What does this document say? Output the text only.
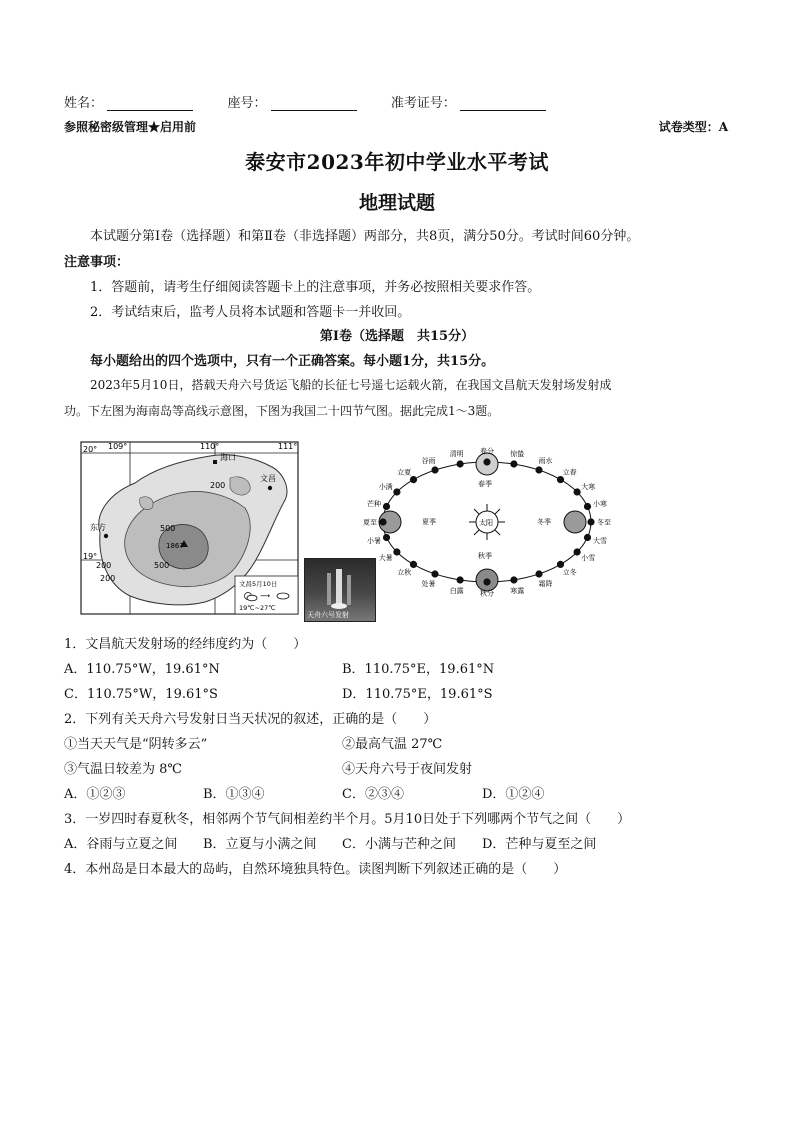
姓名：	座号：	准考证号：
参照秘密级管理★启用前	试卷类型：A
泰安市2023年初中学业水平考试
地理试题
本试题分第Ⅰ卷（选择题）和第Ⅱ卷（非选择题）两部分，共8页，满分50分。考试时间60分钟。
注意事项：
1．答题前，请考生仔细阅读答题卡上的注意事项，并务必按照相关要求作答。
2．考试结束后，监考人员将本试题和答题卡一并收回。
第Ⅰ卷（选择题　共15分）
每小题给出的四个选项中，只有一个正确答案。每小题1分，共15分。
2023年5月10日，搭载天舟六号货运飞船的长征七号遥七运载火箭，在我国文昌航天发射场发射成
功。下左图为海南岛等高线示意图，下图为我国二十四节气图。据此完成1～3题。
109°	110°	111°
20°
19°
海口
文昌
东方
200
200
500
1867
500
200
文昌5月10日
⟶
19℃~27℃
天舟六号发射
太阳
夏季	冬季
春季
秋季
春分
清明
谷雨
立夏
小满
芒种
夏至
小暑
大暑
立秋
处暑
白露 秋分 寒露
霜降
立冬
小雪
大雪
冬至
小寒
大寒
立春
雨水
惊蛰
1．文昌航天发射场的经纬度约为（　　）
A．110.75°W，19.61°N	B．110.75°E，19.61°N
C．110.75°W，19.61°S	D．110.75°E，19.61°S
2．下列有关天舟六号发射日当天状况的叙述，正确的是（　　）
①当天天气是“阴转多云”	②最高气温 27℃
③气温日较差为 8℃	④天舟六号于夜间发射
A．①②③	B．①③④	C．②③④	D．①②④
3．一岁四时春夏秋冬，相邻两个节气间相差约半个月。5月10日处于下列哪两个节气之间（　　）
A．谷雨与立夏之间 B．立夏与小满之间 C．小满与芒种之间 D．芒种与夏至之间
4．本州岛是日本最大的岛屿，自然环境独具特色。读图判断下列叙述正确的是（　　）
